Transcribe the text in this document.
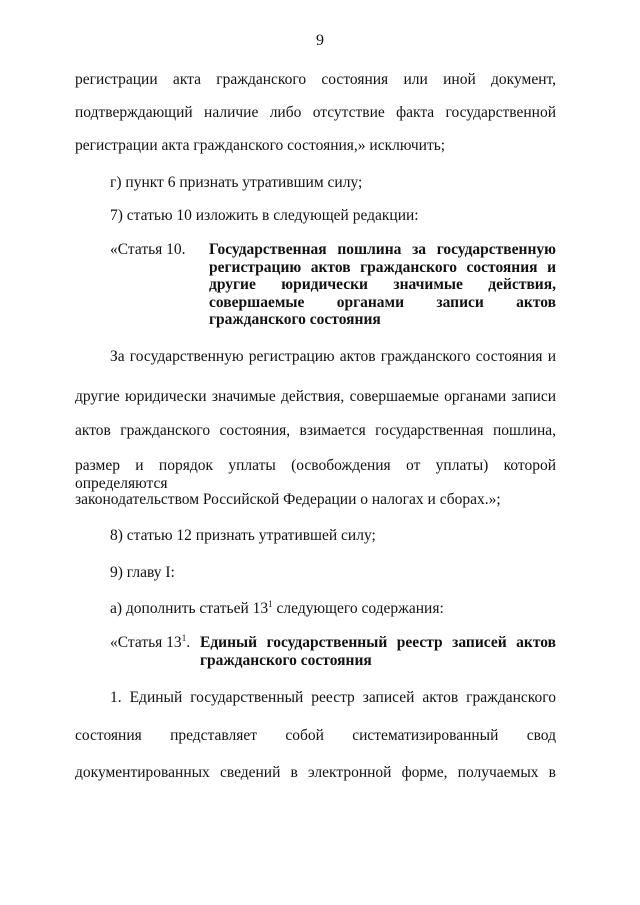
9
регистрации акта гражданского состояния или иной документ,
подтверждающий наличие либо отсутствие факта государственной
регистрации акта гражданского состояния,» исключить;
г) пункт 6 признать утратившим силу;
7) статью 10 изложить в следующей редакции:
«Статья 10. Государственная пошлина за государственную
регистрацию актов гражданского состояния и
другие юридически значимые действия,
совершаемые органами записи актов
гражданского состояния
За государственную регистрацию актов гражданского состояния и
другие юридически значимые действия, совершаемые органами записи
актов гражданского состояния, взимается государственная пошлина,
размер и порядок уплаты (освобождения от уплаты) которой определяются
законодательством Российской Федерации о налогах и сборах.»;
8) статью 12 признать утратившей силу;
9) главу I:
а) дополнить статьей $13^1$ следующего содержания:
«Статья $13^1$. Единый государственный реестр записей актов
гражданского состояния
1. Единый государственный реестр записей актов гражданского
состояния представляет собой систематизированный свод
документированных сведений в электронной форме, получаемых в
